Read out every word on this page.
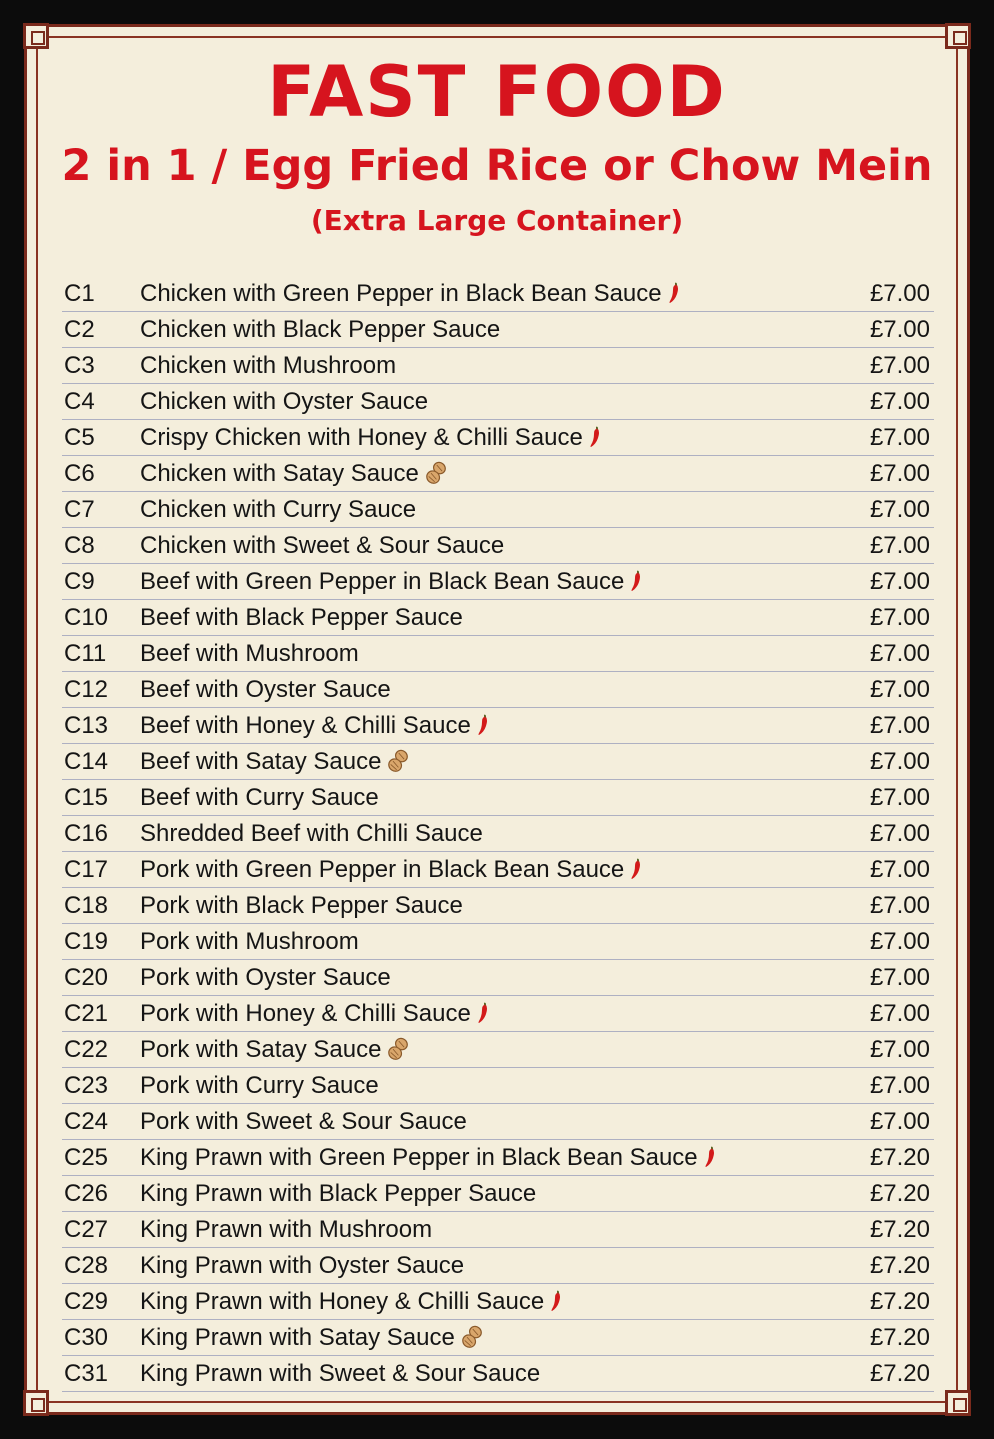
FAST FOOD
2 in 1 / Egg Fried Rice or Chow Mein
(Extra Large Container)
C1 Chicken with Green Pepper in Black Bean Sauce	£7.00
C2 Chicken with Black Pepper Sauce	£7.00
C3 Chicken with Mushroom	£7.00
C4 Chicken with Oyster Sauce	£7.00
C5 Crispy Chicken with Honey & Chilli Sauce	£7.00
C6 Chicken with Satay Sauce	£7.00
C7 Chicken with Curry Sauce	£7.00
C8 Chicken with Sweet & Sour Sauce	£7.00
C9 Beef with Green Pepper in Black Bean Sauce	£7.00
C10 Beef with Black Pepper Sauce	£7.00
C11 Beef with Mushroom	£7.00
C12 Beef with Oyster Sauce	£7.00
C13 Beef with Honey & Chilli Sauce	£7.00
C14 Beef with Satay Sauce	£7.00
C15 Beef with Curry Sauce	£7.00
C16 Shredded Beef with Chilli Sauce	£7.00
C17 Pork with Green Pepper in Black Bean Sauce	£7.00
C18 Pork with Black Pepper Sauce	£7.00
C19 Pork with Mushroom	£7.00
C20 Pork with Oyster Sauce	£7.00
C21 Pork with Honey & Chilli Sauce	£7.00
C22 Pork with Satay Sauce	£7.00
C23 Pork with Curry Sauce	£7.00
C24 Pork with Sweet & Sour Sauce	£7.00
C25 King Prawn with Green Pepper in Black Bean Sauce	£7.20
C26 King Prawn with Black Pepper Sauce	£7.20
C27 King Prawn with Mushroom	£7.20
C28 King Prawn with Oyster Sauce	£7.20
C29 King Prawn with Honey & Chilli Sauce	£7.20
C30 King Prawn with Satay Sauce	£7.20
C31 King Prawn with Sweet & Sour Sauce	£7.20
